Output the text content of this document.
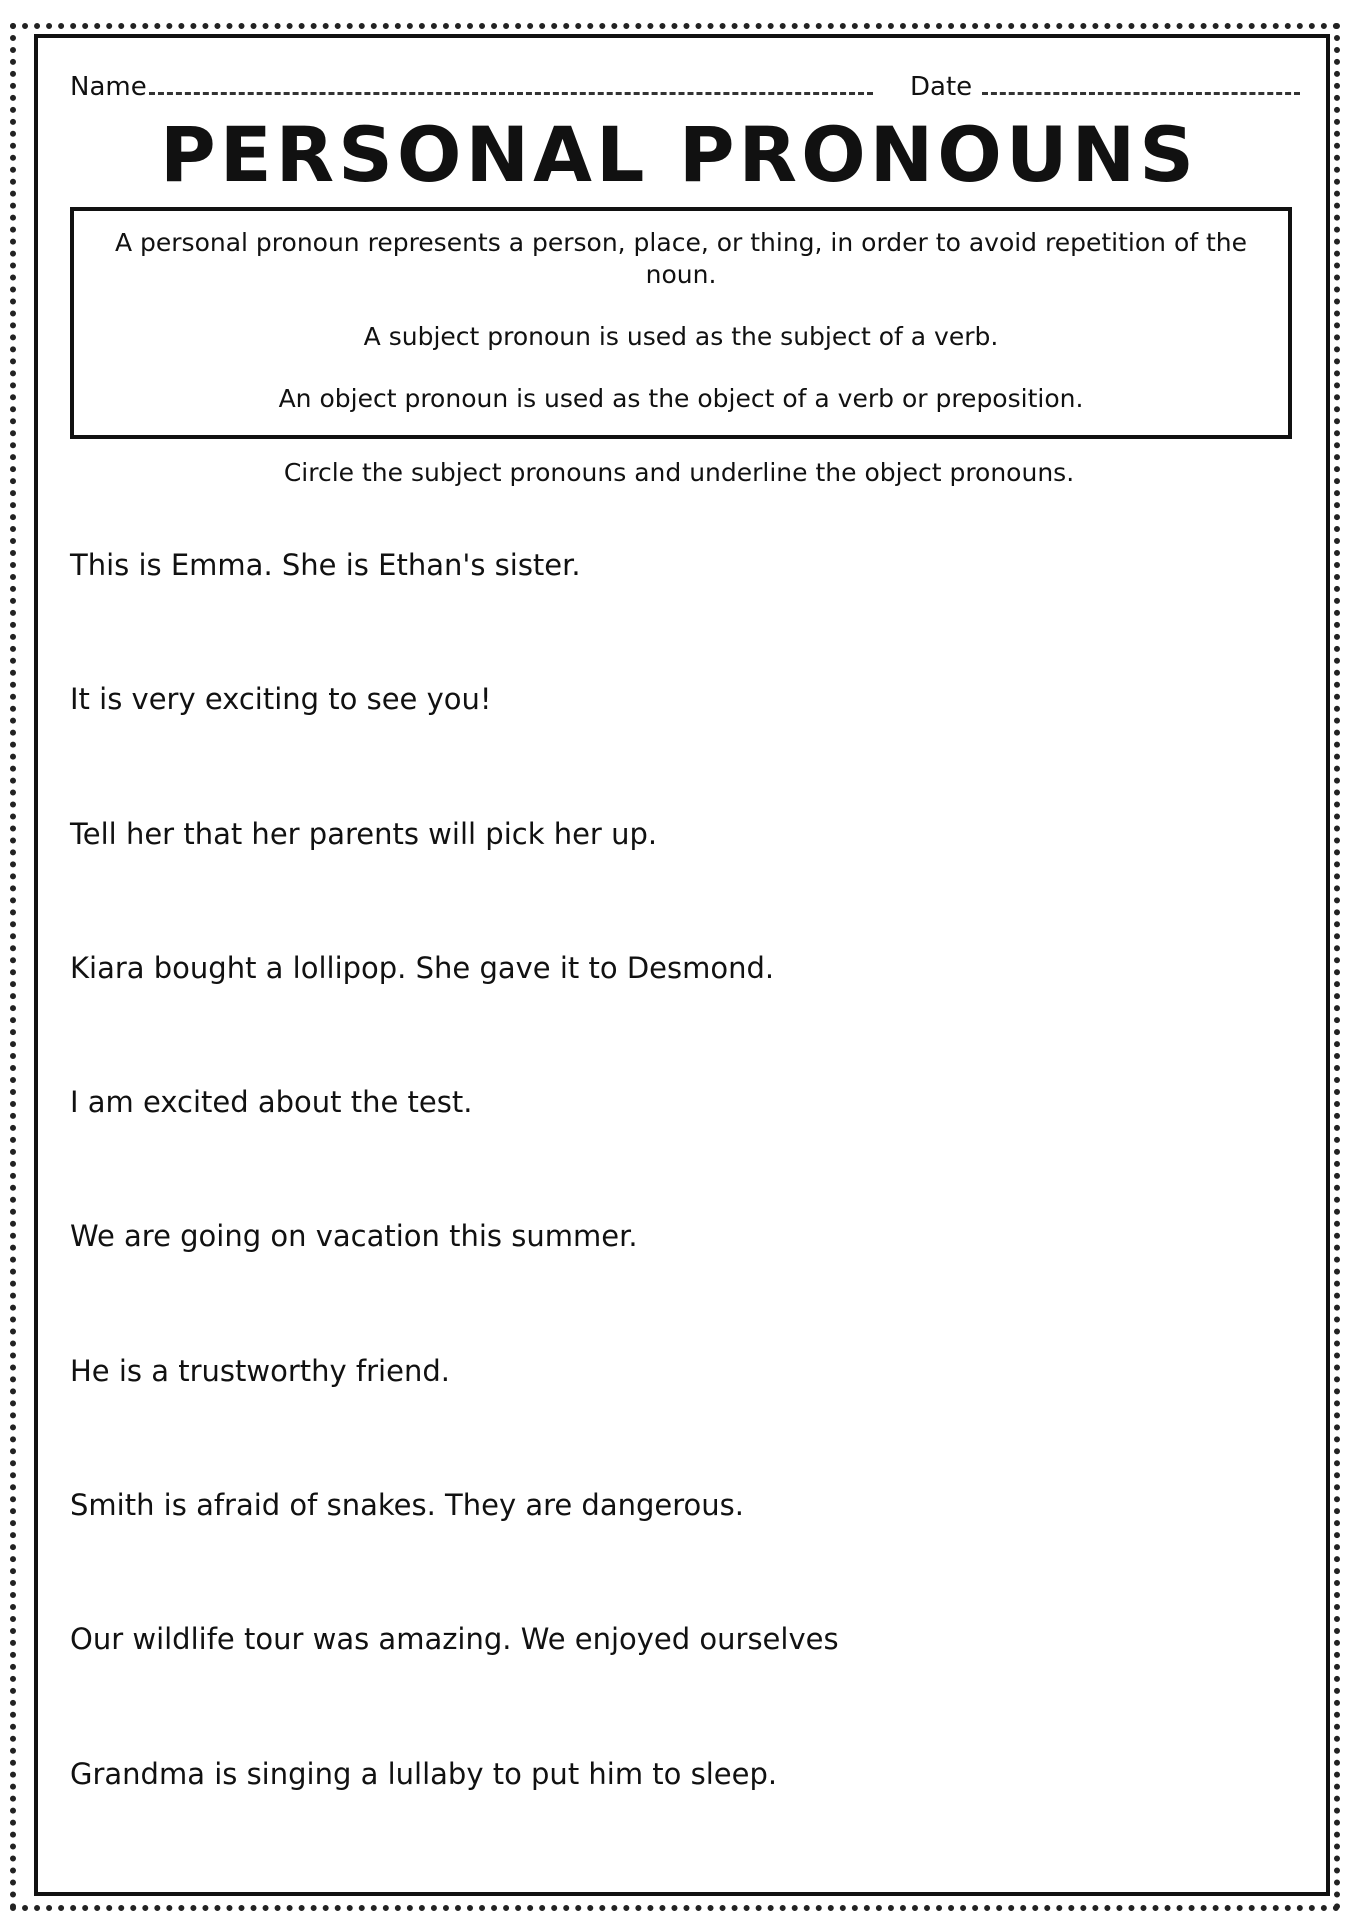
Name	Date
PERSONAL PRONOUNS

A personal pronoun represents a person, place, or thing, in order to avoid repetition of the noun.

A subject pronoun is used as the subject of a verb.

An object pronoun is used as the object of a verb or preposition.

Circle the subject pronouns and underline the object pronouns.
This is Emma. She is Ethan's sister.
It is very exciting to see you!
Tell her that her parents will pick her up.
Kiara bought a lollipop. She gave it to Desmond.
I am excited about the test.
We are going on vacation this summer.
He is a trustworthy friend.
Smith is afraid of snakes. They are dangerous.
Our wildlife tour was amazing. We enjoyed ourselves
Grandma is singing a lullaby to put him to sleep.
